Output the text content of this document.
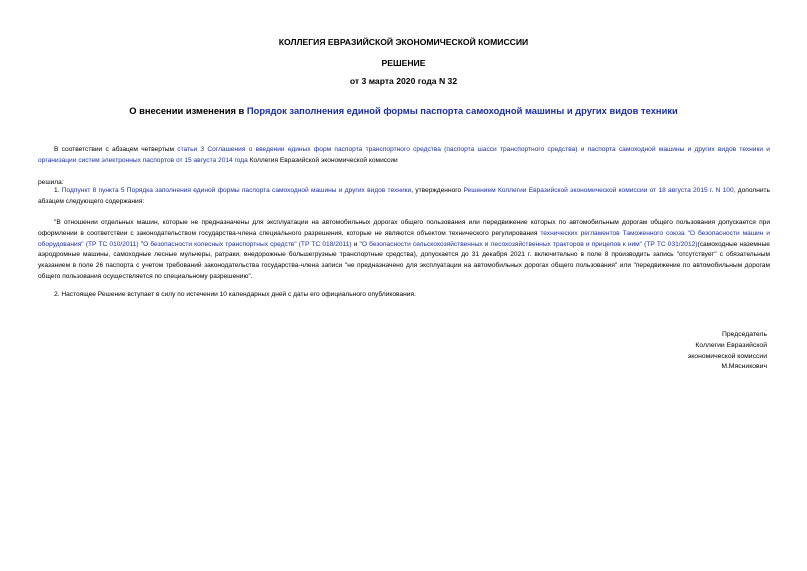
КОЛЛЕГИЯ ЕВРАЗИЙСКОЙ ЭКОНОМИЧЕСКОЙ КОМИССИИ
РЕШЕНИЕ
от 3 марта 2020 года N 32
О внесении изменения в Порядок заполнения единой формы паспорта самоходной машины и других видов техники
В соответствии с абзацем четвертым статьи 3 Соглашения о введении единых форм паспорта транспортного средства (паспорта шасси транспортного средства) и паспорта самоходной машины и других видов техники и организации систем электронных паспортов от 15 августа 2014 года Коллегия Евразийской экономической комиссии
решила:
1. Подпункт 8 пункта 5 Порядка заполнения единой формы паспорта самоходной машины и других видов техники, утвержденного Решением Коллегии Евразийской экономической комиссии от 18 августа 2015 г. N 100, дополнить абзацем следующего содержания:
"В отношении отдельных машин, которые не предназначены для эксплуатации на автомобильных дорогах общего пользования или передвижение которых по автомобильным дорогам общего пользования допускается при оформлении в соответствии с законодательством государства-члена специального разрешения, которые не являются объектом технического регулирования технических регламентов Таможенного союза "О безопасности машин и оборудования" (ТР ТС 010/2011) "О безопасности колесных транспортных средств" (ТР ТС 018/2011) и "О безопасности сельскохозяйственных и лесохозяйственных тракторов и прицепов к ним" (ТР ТС 031/2012)(самоходные наземные аэродромные машины, самоходные лесные мульчеры, ратраки, внедорожные большегрузные транспортные средства), допускается до 31 декабря 2021 г. включительно в поле 8 производить запись "отсутствует" с обязательным указанием в поле 26 паспорта с учетом требований законодательства государства-члена записи "не предназначено для эксплуатации на автомобильных дорогах общего пользования" или "передвижение по автомобильным дорогам общего пользования осуществляется по специальному разрешению".
2. Настоящее Решение вступает в силу по истечении 10 календарных дней с даты его официального опубликования.
Председатель
Коллегии Евразийской
экономической комиссии
М.Мясникович
